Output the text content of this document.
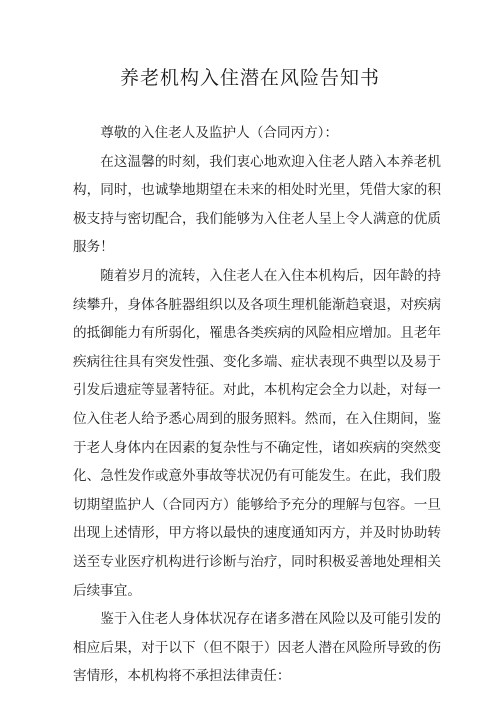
养老机构入住潜在风险告知书

尊敬的入住老人及监护人（合同丙方）：

在这温馨的时刻，我们衷心地欢迎入住老人踏入本养老机构，同时，也诚挚地期望在未来的相处时光里，凭借大家的积极支持与密切配合，我们能够为入住老人呈上令人满意的优质服务！

随着岁月的流转，入住老人在入住本机构后，因年龄的持续攀升，身体各脏器组织以及各项生理机能渐趋衰退，对疾病的抵御能力有所弱化，罹患各类疾病的风险相应增加。且老年疾病往往具有突发性强、变化多端、症状表现不典型以及易于引发后遗症等显著特征。对此，本机构定会全力以赴，对每一位入住老人给予悉心周到的服务照料。然而，在入住期间，鉴于老人身体内在因素的复杂性与不确定性，诸如疾病的突然变化、急性发作或意外事故等状况仍有可能发生。在此，我们殷切期望监护人（合同丙方）能够给予充分的理解与包容。一旦出现上述情形，甲方将以最快的速度通知丙方，并及时协助转送至专业医疗机构进行诊断与治疗，同时积极妥善地处理相关后续事宜。

鉴于入住老人身体状况存在诸多潜在风险以及可能引发的相应后果，对于以下（但不限于）因老人潜在风险所导致的伤害情形，本机构将不承担法律责任：
